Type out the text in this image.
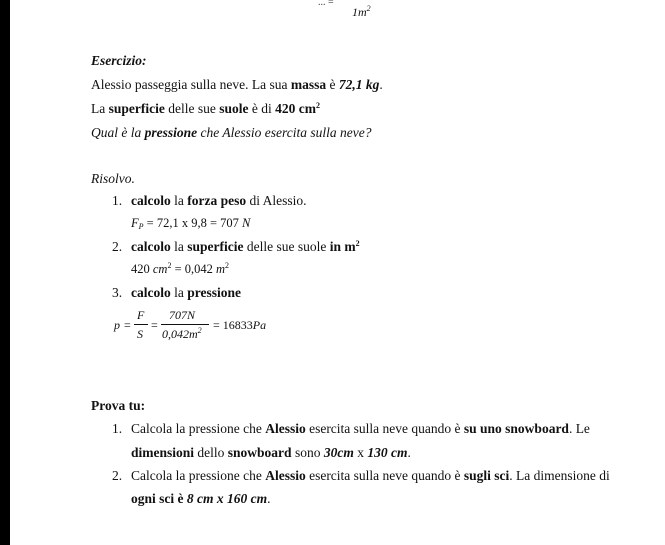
... =
$1m^2$
Esercizio:
Alessio passeggia sulla neve. La sua massa è 72,1 kg.
La superficie delle sue suole è di 420 $cm^2$
Qual è la pressione che Alessio esercita sulla neve?
Risolvo.
1. calcolo la forza peso di Alessio.
$F_P = 72,1$ x 9,8 = 707 N
2. calcolo la superficie delle sue suole in $m^2$
420 $cm^2 = 0,042$ $m^2$
3. calcolo la pressione
p =
F
S
=
707N
$0,042m^2 = 16833Pa$
Prova tu:
1. Calcola la pressione che Alessio esercita sulla neve quando è su uno snowboard. Le
dimensioni dello snowboard sono 30cm x 130 cm.
2. Calcola la pressione che Alessio esercita sulla neve quando è sugli sci. La dimensione di
ogni sci è 8 cm x 160 cm.
